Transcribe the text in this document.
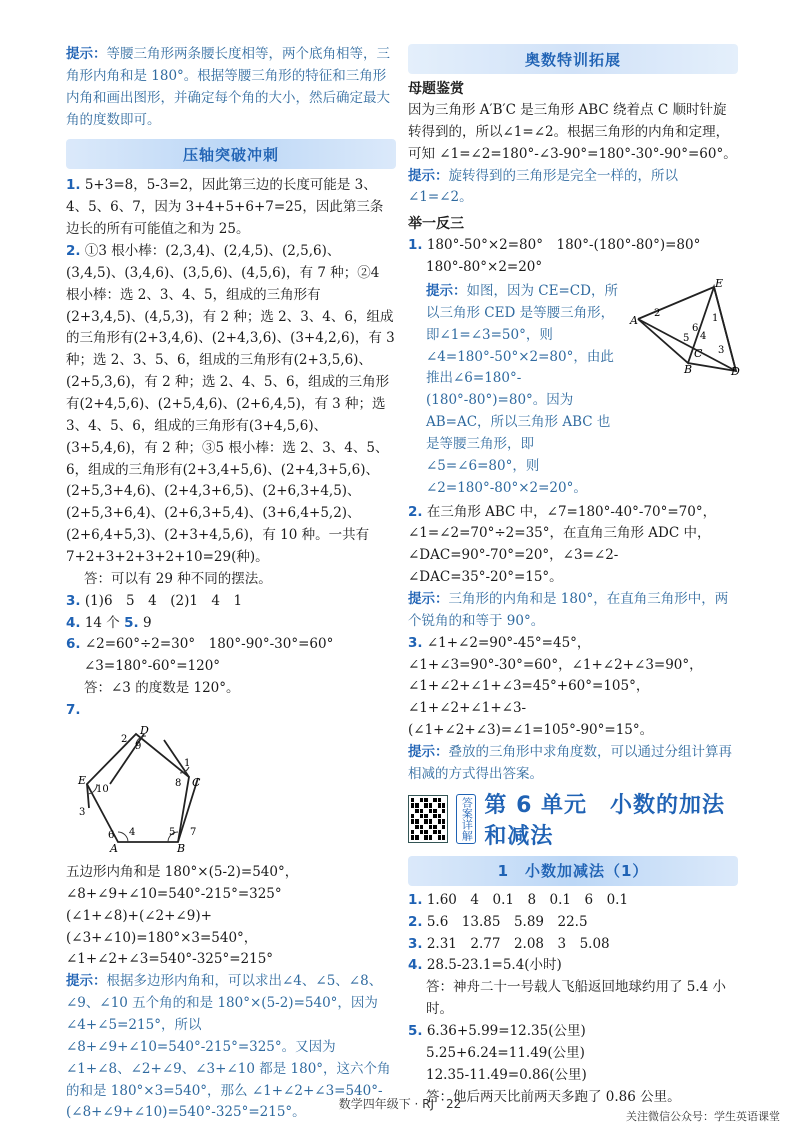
提示：等腰三角形两条腰长度相等，两个底角相等，三角形内角和是 180°。根据等腰三角形的特征和三角形内角和画出图形，并确定每个角的大小，然后确定最大角的度数即可。

压轴突破冲刺

1. 5+3=8，5-3=2，因此第三边的长度可能是 3、4、5、6、7，因为 3+4+5+6+7=25，因此第三条边长的所有可能值之和为 25。

2. ①3 根小棒：(2,3,4)、(2,4,5)、(2,5,6)、(3,4,5)、(3,4,6)、(3,5,6)、(4,5,6)，有 7 种；②4 根小棒：选 2、3、4、5，组成的三角形有(2+3,4,5)、(4,5,3)，有 2 种；选 2、3、4、6，组成的三角形有(2+3,4,6)、(2+4,3,6)、(3+4,2,6)，有 3 种；选 2、3、5、6，组成的三角形有(2+3,5,6)、(2+5,3,6)，有 2 种；选 2、4、5、6，组成的三角形有(2+4,5,6)、(2+5,4,6)、(2+6,4,5)，有 3 种；选 3、4、5、6，组成的三角形有(3+4,5,6)、(3+5,4,6)，有 2 种；③5 根小棒：选 2、3、4、5、6，组成的三角形有(2+3,4+5,6)、(2+4,3+5,6)、(2+5,3+4,6)、(2+4,3+6,5)、(2+6,3+4,5)、(2+5,3+6,4)、(2+6,3+5,4)、(3+6,4+5,2)、(2+6,4+5,3)、(2+3+4,5,6)，有 10 种。一共有 7+2+3+2+3+2+10=29(种)。

答：可以有 29 种不同的摆法。

3. (1)6　5　4　(2)1　4　1

4. 14 个 5. 9

6. ∠2=60°÷2=30°　180°-90°-30°=60°

∠3=180°-60°=120°

答：∠3 的度数是 120°。

7.

A	B
C
D
E
9
2
1
8
10
3
6 4	5 7

五边形内角和是 180°×(5-2)=540°，

∠8+∠9+∠10=540°-215°=325°

(∠1+∠8)+(∠2+∠9)+(∠3+∠10)=180°×3=540°，∠1+∠2+∠3=540°-325°=215°

提示：根据多边形内角和，可以求出∠4、∠5、∠8、∠9、∠10 五个角的和是 180°×(5-2)=540°，因为 ∠4+∠5=215°，所以 ∠8+∠9+∠10=540°-215°=325°。又因为 ∠1+∠8、∠2+∠9、∠3+∠10 都是 180°，这六个角的和是 180°×3=540°，那么 ∠1+∠2+∠3=540°-(∠8+∠9+∠10)=540°-325°=215°。

奥数特训拓展
母题鉴赏

因为三角形 A′B′C 是三角形 ABC 绕着点 C 顺时针旋转得到的，所以∠1=∠2。根据三角形的内角和定理，可知 ∠1=∠2=180°-∠3-90°=180°-30°-90°=60°。

提示：旋转得到的三角形是完全一样的，所以∠1=∠2。

举一反三

1. 180°-50°×2=80°　180°-(180°-80°)=80°

180°-80°×2=20°

提示：如图，因为 CE=CD，所以三角形 CED 是等腰三角形，即∠1=∠3=50°，则∠4=180°-50°×2=80°，由此推出∠6=180°-(180°-80°)=80°。因为 AB=AC，所以三角形 ABC 也是等腰三角形，即∠5=∠6=80°，则∠2=180°-80°×2=20°。

A
E
B
C
D
2
5
6
4
1
3

2. 在三角形 ABC 中，∠7=180°-40°-70°=70°，∠1=∠2=70°÷2=35°，在直角三角形 ADC 中，∠DAC=90°-70°=20°，∠3=∠2-∠DAC=35°-20°=15°。

提示：三角形的内角和是 180°，在直角三角形中，两个锐角的和等于 90°。

3. ∠1+∠2=90°-45°=45°，∠1+∠3=90°-30°=60°，∠1+∠2+∠3=90°，∠1+∠2+∠1+∠3=45°+60°=105°，∠1+∠2+∠1+∠3-(∠1+∠2+∠3)=∠1=105°-90°=15°。

提示：叠放的三角形中求角度数，可以通过分组计算再相减的方式得出答案。

答案详解 第 6 单元　小数的加法和减法
1　小数加减法（1）

1. 1.60　4　0.1　8　0.1　6　0.1

2. 5.6　13.85　5.89　22.5

3. 2.31　2.77　2.08　3　5.08

4. 28.5-23.1=5.4(小时)

答：神舟二十一号载人飞船返回地球约用了 5.4 小时。

5. 6.36+5.99=12.35(公里)

5.25+6.24=11.49(公里)

12.35-11.49=0.86(公里)

答：他后两天比前两天多跑了 0.86 公里。

数学四年级下 · RJ　22
关注微信公众号：学生英语课堂
